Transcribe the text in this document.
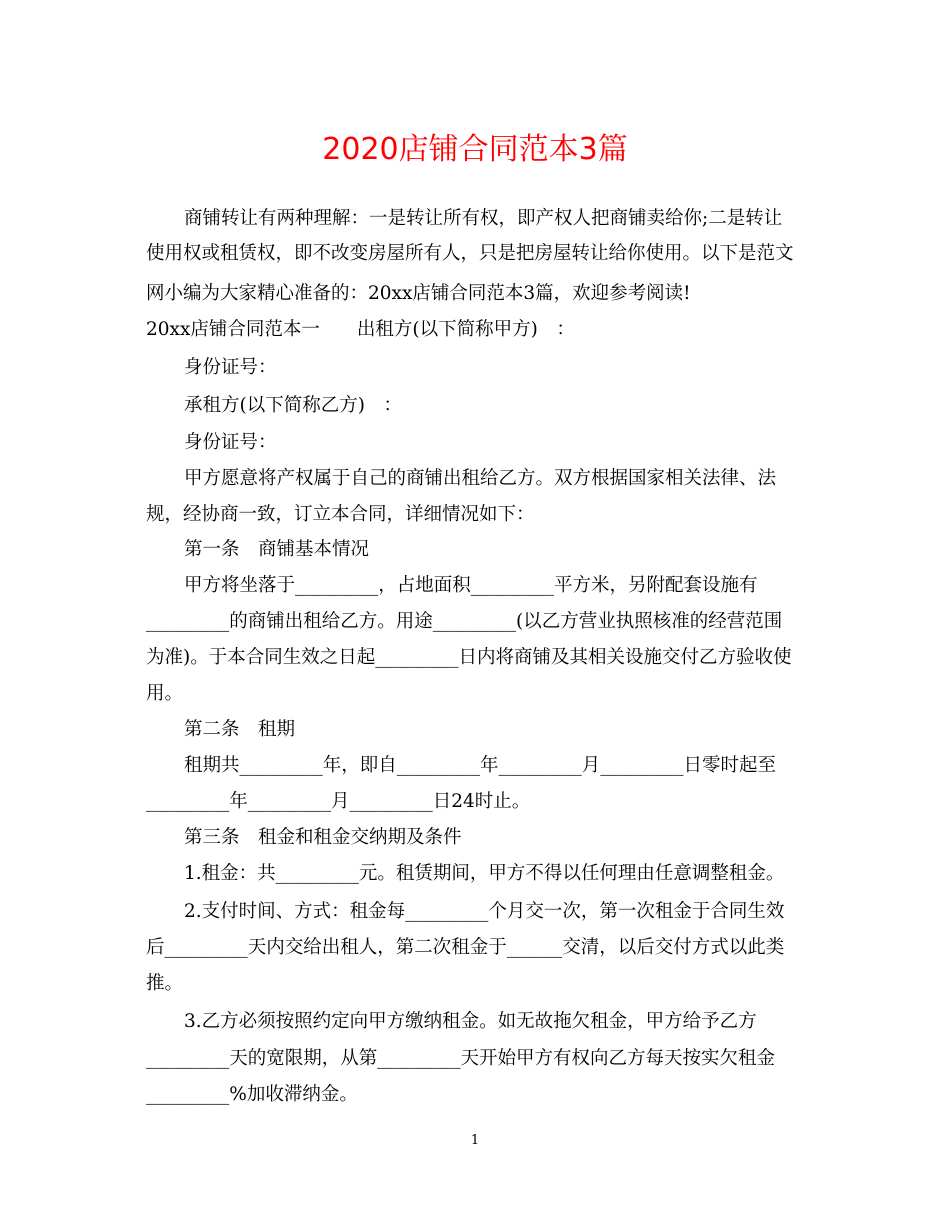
2020店铺合同范本3篇
商铺转让有两种理解：一是转让所有权，即产权人把商铺卖给你;二是转让
使用权或租赁权，即不改变房屋所有人，只是把房屋转让给你使用。以下是范文
网小编为大家精心准备的：20xx店铺合同范本3篇，欢迎参考阅读!
20xx店铺合同范本一　　出租方(以下简称甲方)　：
身份证号：
承租方(以下简称乙方)　：
身份证号：
甲方愿意将产权属于自己的商铺出租给乙方。双方根据国家相关法律、法
规，经协商一致，订立本合同，详细情况如下：
第一条　商铺基本情况
甲方将坐落于_________，占地面积_________平方米，另附配套设施有
_________的商铺出租给乙方。用途_________(以乙方营业执照核准的经营范围
为准)。于本合同生效之日起_________日内将商铺及其相关设施交付乙方验收使
用。
第二条　租期
租期共_________年，即自_________年_________月_________日零时起至
_________年_________月_________日24时止。
第三条　租金和租金交纳期及条件
1.租金：共_________元。租赁期间，甲方不得以任何理由任意调整租金。
2.支付时间、方式：租金每_________个月交一次，第一次租金于合同生效
后_________天内交给出租人，第二次租金于______交清，以后交付方式以此类
推。
3.乙方必须按照约定向甲方缴纳租金。如无故拖欠租金，甲方给予乙方
_________天的宽限期，从第_________天开始甲方有权向乙方每天按实欠租金
_________%加收滞纳金。
1
